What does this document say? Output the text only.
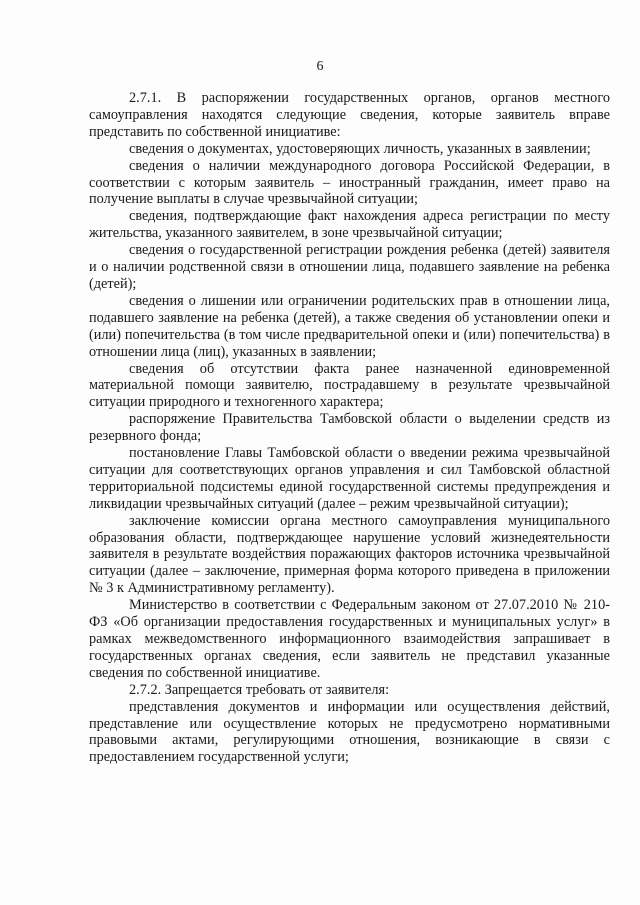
6

2.7.1. В распоряжении государственных органов, органов местного самоуправления находятся следующие сведения, которые заявитель вправе представить по собственной инициативе:

сведения о документах, удостоверяющих личность, указанных в заявлении;

сведения о наличии международного договора Российской Федерации, в соответствии с которым заявитель – иностранный гражданин, имеет право на получение выплаты в случае чрезвычайной ситуации;

сведения, подтверждающие факт нахождения адреса регистрации по месту жительства, указанного заявителем, в зоне чрезвычайной ситуации;

сведения о государственной регистрации рождения ребенка (детей) заявителя и о наличии родственной связи в отношении лица, подавшего заявление на ребенка (детей);

сведения о лишении или ограничении родительских прав в отношении лица, подавшего заявление на ребенка (детей), а также сведения об установлении опеки и (или) попечительства (в том числе предварительной опеки и (или) попечительства) в отношении лица (лиц), указанных в заявлении;

сведения об отсутствии факта ранее назначенной единовременной материальной помощи заявителю, пострадавшему в результате чрезвычайной ситуации природного и техногенного характера;

распоряжение Правительства Тамбовской области о выделении средств из резервного фонда;

постановление Главы Тамбовской области о введении режима чрезвычайной ситуации для соответствующих органов управления и сил Тамбовской областной территориальной подсистемы единой государственной системы предупреждения и ликвидации чрезвычайных ситуаций (далее – режим чрезвычайной ситуации);

заключение комиссии органа местного самоуправления муниципального образования области, подтверждающее нарушение условий жизнедеятельности заявителя в результате воздействия поражающих факторов источника чрезвычайной ситуации (далее – заключение, примерная форма которого приведена в приложении № 3 к Административному регламенту).

Министерство в соответствии с Федеральным законом от 27.07.2010 № 210-ФЗ «Об организации предоставления государственных и муниципальных услуг» в рамках межведомственного информационного взаимодействия запрашивает в государственных органах сведения, если заявитель не представил указанные сведения по собственной инициативе.

2.7.2. Запрещается требовать от заявителя:

представления документов и информации или осуществления действий, представление или осуществление которых не предусмотрено нормативными правовыми актами, регулирующими отношения, возникающие в связи с предоставлением государственной услуги;
